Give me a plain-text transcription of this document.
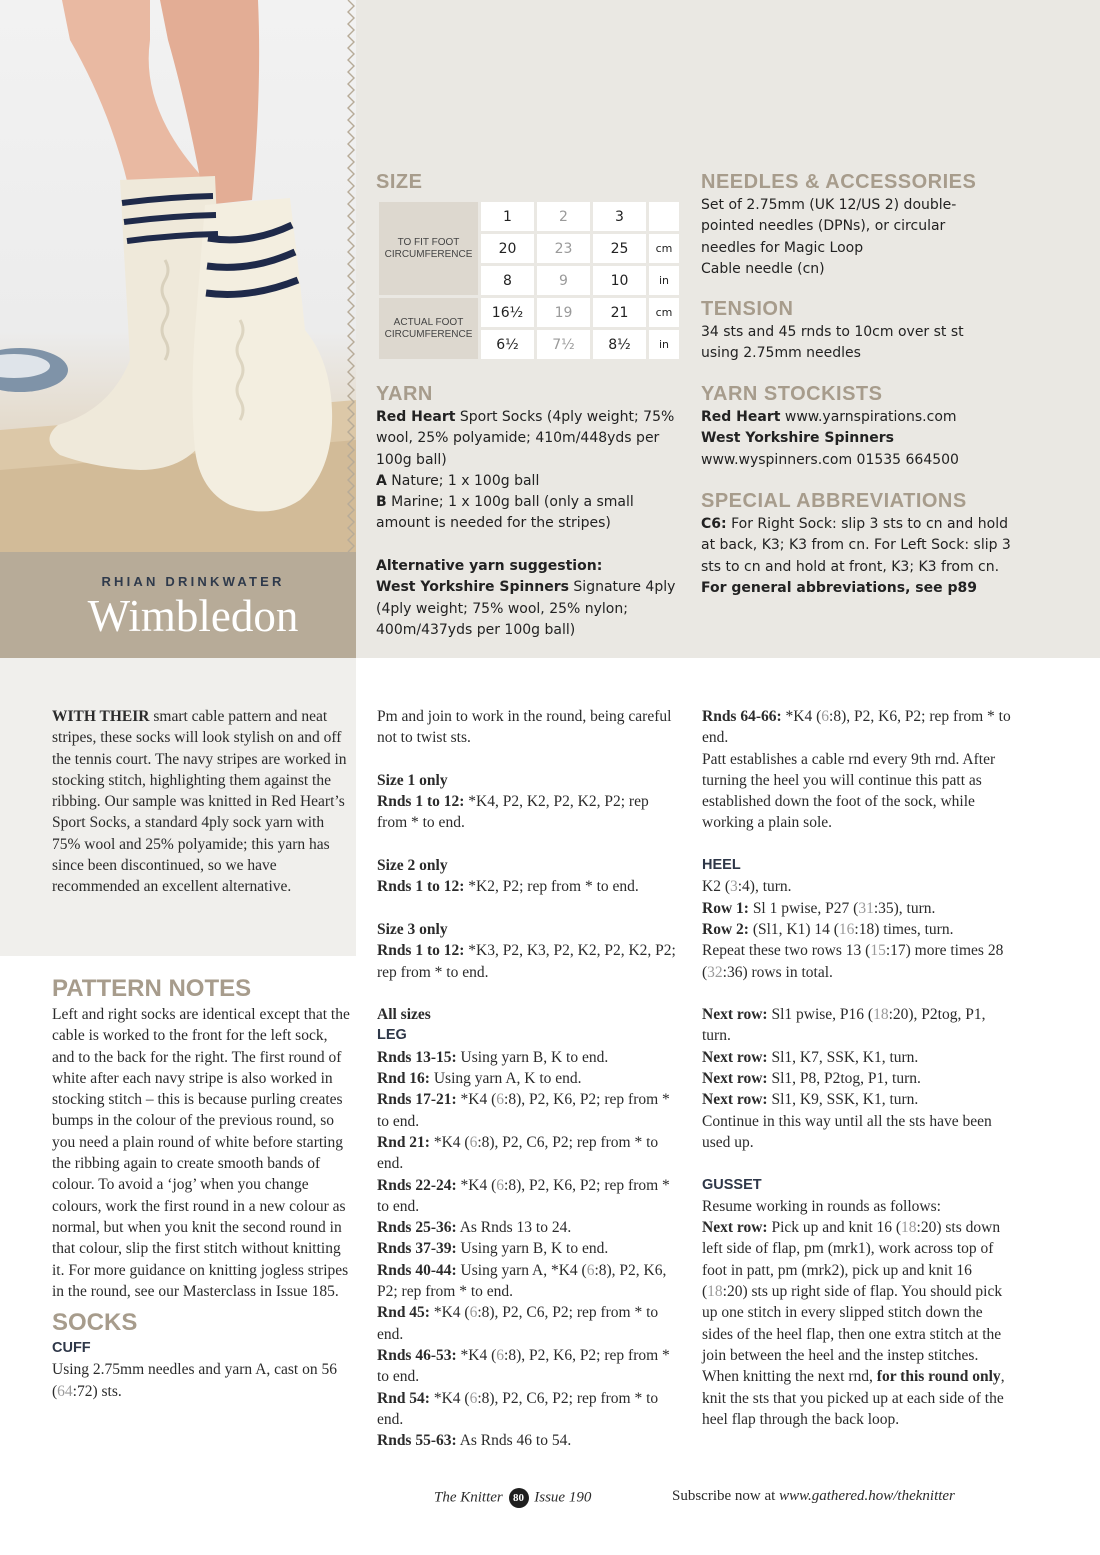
RHIAN DRINKWATER
Wimbledon
SIZE
TO FIT FOOT CIRCUMFERENCE	1	2	3	
	20	23	25	cm
	8	9	10	in
ACTUAL FOOT CIRCUMFERENCE	16½	19	21	cm
	6½	7½	8½	in
YARN

Red Heart Sport Socks (4ply weight; 75% wool, 25% polyamide; 410m/448yds per 100g ball)

A Nature; 1 x 100g ball

B Marine; 1 x 100g ball (only a small amount is needed for the stripes)

Alternative yarn suggestion:

West Yorkshire Spinners Signature 4ply (4ply weight; 75% wool, 25% nylon; 400m/437yds per 100g ball)

NEEDLES & ACCESSORIES

Set of 2.75mm (UK 12/US 2) double-pointed needles (DPNs), or circular needles for Magic Loop

Cable needle (cn)

TENSION
34 sts and 45 rnds to 10cm over st st using 2.75mm needles
YARN STOCKISTS

Red Heart www.yarnspirations.com

West Yorkshire Spinners

www.wyspinners.com 01535 664500

SPECIAL ABBREVIATIONS

C6: For Right Sock: slip 3 sts to cn and hold at back, K3; K3 from cn. For Left Sock: slip 3 sts to cn and hold at front, K3; K3 from cn.

For general abbreviations, see p89

WITH THEIR smart cable pattern and neat stripes, these socks will look stylish on and off the tennis court. The navy stripes are worked in stocking stitch, highlighting them against the ribbing. Our sample was knitted in Red Heart’s Sport Socks, a standard 4ply sock yarn with 75% wool and 25% polyamide; this yarn has since been discontinued, so we have recommended an excellent alternative.

PATTERN NOTES

Left and right socks are identical except that the cable is worked to the front for the left sock, and to the back for the right. The first round of white after each navy stripe is also worked in stocking stitch – this is because purling creates bumps in the colour of the previous round, so you need a plain round of white before starting the ribbing again to create smooth bands of colour. To avoid a ‘jog’ when you change colours, work the first round in a new colour as normal, but when you knit the second round in that colour, slip the first stitch without knitting it. For more guidance on knitting jogless stripes in the round, see our Masterclass in Issue 185.

SOCKS
CUFF

Using 2.75mm needles and yarn A, cast on 56 (64:72) sts.

Pm and join to work in the round, being careful not to twist sts.

Size 1 only

Rnds 1 to 12: *K4, P2, K2, P2, K2, P2; rep from * to end.

Size 2 only

Rnds 1 to 12: *K2, P2; rep from * to end.

Size 3 only

Rnds 1 to 12: *K3, P2, K3, P2, K2, P2, K2, P2; rep from * to end.

All sizes

LEG

Rnds 13-15: Using yarn B, K to end.

Rnd 16: Using yarn A, K to end.

Rnds 17-21: *K4 (6:8), P2, K6, P2; rep from * to end.

Rnd 21: *K4 (6:8), P2, C6, P2; rep from * to end.

Rnds 22-24: *K4 (6:8), P2, K6, P2; rep from * to end.

Rnds 25-36: As Rnds 13 to 24.

Rnds 37-39: Using yarn B, K to end.

Rnds 40-44: Using yarn A, *K4 (6:8), P2, K6, P2; rep from * to end.

Rnd 45: *K4 (6:8), P2, C6, P2; rep from * to end.

Rnds 46-53: *K4 (6:8), P2, K6, P2; rep from * to end.

Rnd 54: *K4 (6:8), P2, C6, P2; rep from * to end.

Rnds 55-63: As Rnds 46 to 54.

Rnds 64-66: *K4 (6:8), P2, K6, P2; rep from * to end.

Patt establishes a cable rnd every 9th rnd. After turning the heel you will continue this patt as established down the foot of the sock, while working a plain sole.

HEEL

K2 (3:4), turn.

Row 1: Sl 1 pwise, P27 (31:35), turn.

Row 2: (Sl1, K1) 14 (16:18) times, turn.

Repeat these two rows 13 (15:17) more times 28 (32:36) rows in total.

Next row: Sl1 pwise, P16 (18:20), P2tog, P1, turn.

Next row: Sl1, K7, SSK, K1, turn.

Next row: Sl1, P8, P2tog, P1, turn.

Next row: Sl1, K9, SSK, K1, turn.

Continue in this way until all the sts have been used up.

GUSSET

Resume working in rounds as follows:

Next row: Pick up and knit 16 (18:20) sts down left side of flap, pm (mrk1), work across top of foot in patt, pm (mrk2), pick up and knit 16 (18:20) sts up right side of flap. You should pick up one stitch in every slipped stitch down the sides of the heel flap, then one extra stitch at the join between the heel and the instep stitches. When knitting the next rnd, for this round only, knit the sts that you picked up at each side of the heel flap through the back loop.

The Knitter 80 Issue 190	Subscribe now at www.gathered.how/theknitter
